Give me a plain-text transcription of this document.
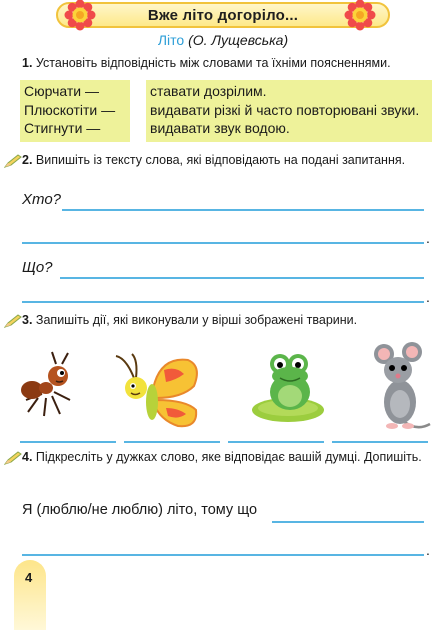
Вже літо догоріло...
Літо (О. Лущевська)
1. Установіть відповідність між словами та їхніми поясненнями.
Сюрчати —
Плюскотіти —
Стигнути —
ставати дозрілим.
видавати різкі й часто повторювані звуки.
видавати звук водою.
2. Випишіть із тексту слова, які відповідають на подані запитання.
Хто?
.
Що?
.
3. Запишіть дії, які виконували у вірші зображені тварини.
4. Підкресліть у дужках слово, яке відповідає вашій думці. Допишіть.
Я (люблю/не люблю) літо, тому що
.
4
